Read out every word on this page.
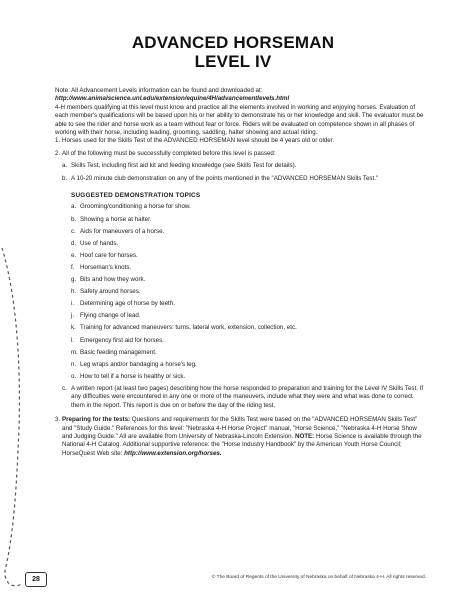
ADVANCED HORSEMAN
LEVEL IV

Note: All Advancement Levels information can be found and downloaded at:
http://www.animalscience.unl.edu/extension/equine/4H/advancementlevels.html

4-H members qualifying at this level must know and practice all the elements involved in working and enjoying horses. Evaluation of each member's qualifications will be based upon his or her ability to demonstrate his or her knowledge and skill. The evaluator must be able to see the rider and horse work as a team without fear or force. Riders will be evaluated on competence shown in all phases of working with their horse, including leading, grooming, saddling, halter showing and actual riding.

1. Horses used for the Skills Test of the ADVANCED HORSEMAN level should be 4 years old or older.
2. All of the following must be successfully completed before this level is passed:
a. Skills Test, including first aid kit and feeding knowledge (see Skills Test for details).
b. A 10-20 minute club demonstration on any of the points mentioned in the "ADVANCED HORSEMAN Skills Test."
SUGGESTED DEMONSTRATION TOPICS
a. Grooming/conditioning a horse for show.
b. Showing a horse at halter.
c. Aids for maneuvers of a horse.
d. Use of hands.
e. Hoof care for horses.
f. Horseman's knots.
g. Bits and how they work.
h. Safety around horses.
i. Determining age of horse by teeth.
j. Flying change of lead.
k. Training for advanced maneuvers: turns, lateral work, extension, collection, etc.
l. Emergency first aid for horses.
m. Basic feeding management.
n. Leg wraps and/or bandaging a horse's leg.
o. How to tell if a horse is healthy or sick.
c. A written report (at least two pages) describing how the horse responded to preparation and training for the Level IV Skills Test. If any difficulties were encountered in any one or more of the maneuvers, include what they were and what was done to correct them in the report. This report is due on or before the day of the riding test.
3. Preparing for the tests: Questions and requirements for the Skills Test were based on the "ADVANCED HORSEMAN Skills Test" and "Study Guide." References for this level: "Nebraska 4-H Horse Project" manual, "Horse Science," "Nebraska 4-H Horse Show and Judging Guide." All are available from University of Nebraska-Lincoln Extension. NOTE: Horse Science is available through the National 4-H Catalog. Additional supportive reference: the "Horse Industry Handbook" by the American Youth Horse Council; HorseQuest Web site: http://www.extension.org/horses.
28	© The Board of Regents of the University of Nebraska on behalf of Nebraska 4-H. All rights reserved.
